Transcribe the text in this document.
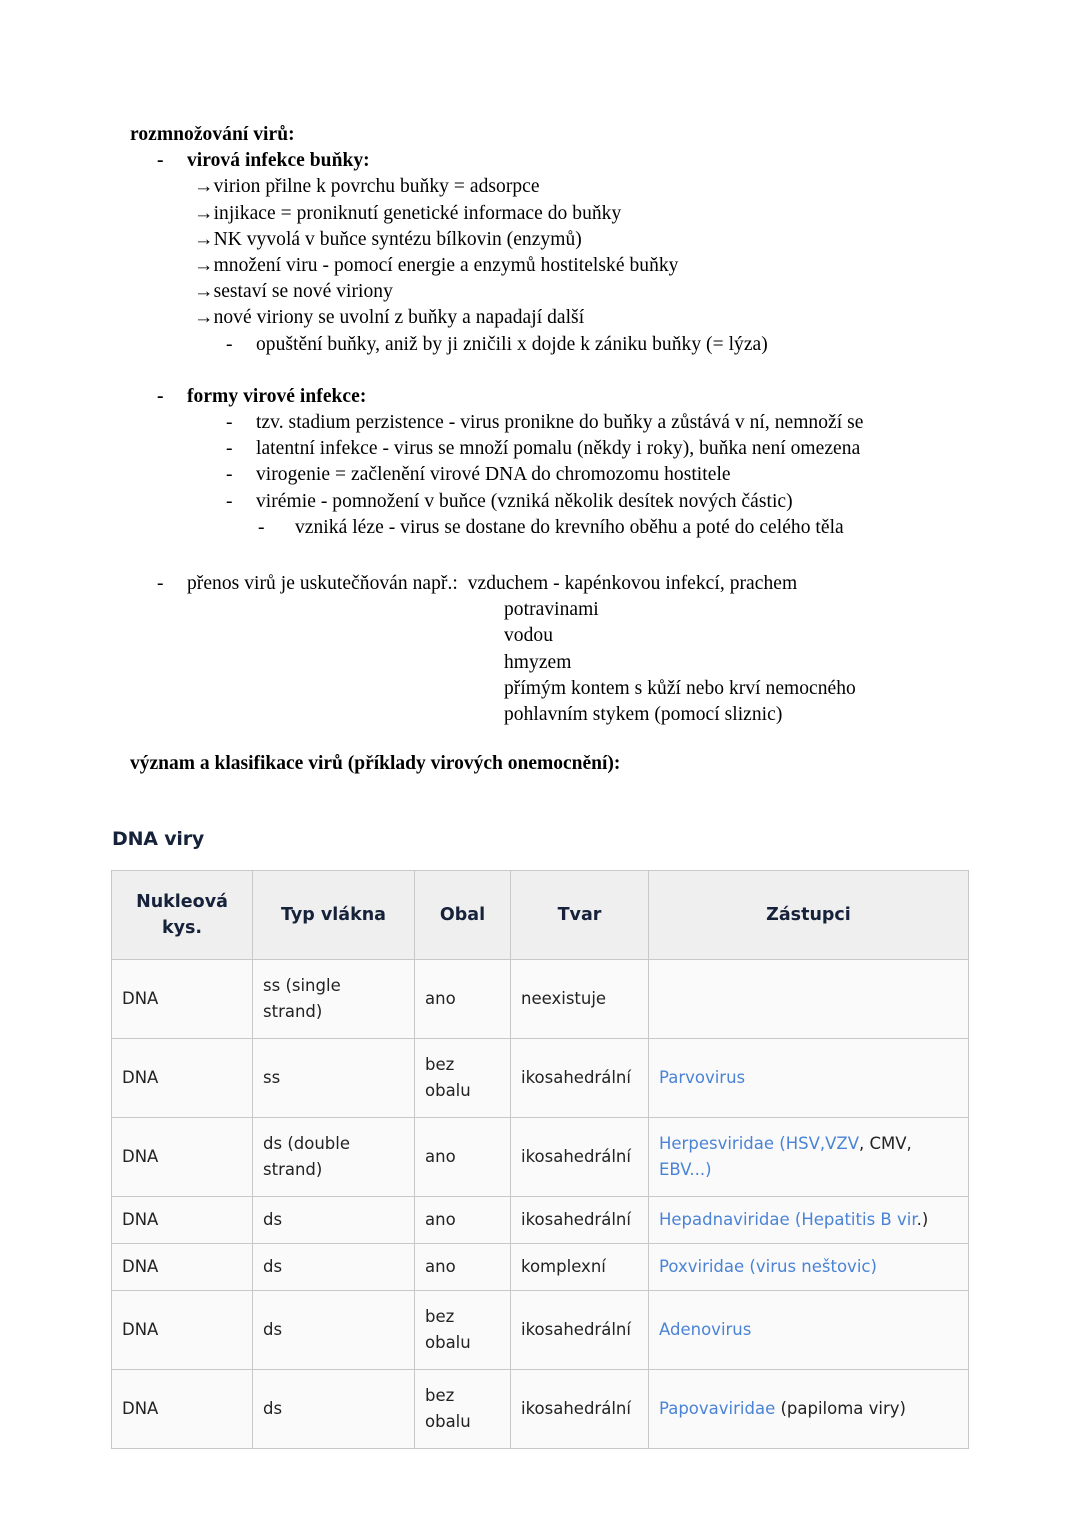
rozmnožování virů:
- virová infekce buňky:
→virion přilne k povrchu buňky = adsorpce
→injikace = proniknutí genetické informace do buňky
→NK vyvolá v buňce syntézu bílkovin (enzymů)
→množení viru - pomocí energie a enzymů hostitelské buňky
→sestaví se nové viriony
→nové viriony se uvolní z buňky a napadají další
- opuštění buňky, aniž by ji zničili x dojde k zániku buňky (= lýza)
- formy virové infekce:
- tzv. stadium perzistence - virus pronikne do buňky a zůstává v ní, nemnoží se
- latentní infekce - virus se množí pomalu (někdy i roky), buňka není omezena
- virogenie = začlenění virové DNA do chromozomu hostitele
- virémie - pomnožení v buňce (vzniká několik desítek nových částic)
- vzniká léze - virus se dostane do krevního oběhu a poté do celého těla
- přenos virů je uskutečňován např.: vzduchem - kapénkovou infekcí, prachem
potravinami
vodou
hmyzem
přímým kontem s kůží nebo krví nemocného
pohlavním stykem (pomocí sliznic)
význam a klasifikace virů (příklady virových onemocnění):
DNA viry
Nukleová
kys.	Typ vlákna	Obal	Tvar	Zástupci
DNA	ss (single strand)	ano	neexistuje	
DNA	ss	bez obalu	ikosahedrální	Parvovirus
DNA	ds (double strand)	ano	ikosahedrální	Herpesviridae (HSV,VZV, CMV, EBV...)
DNA	ds	ano	ikosahedrální	Hepadnaviridae (Hepatitis B vir.)
DNA	ds	ano	komplexní	Poxviridae (virus neštovic)
DNA	ds	bez obalu	ikosahedrální	Adenovirus
DNA	ds	bez obalu	ikosahedrální	Papovaviridae (papiloma viry)
